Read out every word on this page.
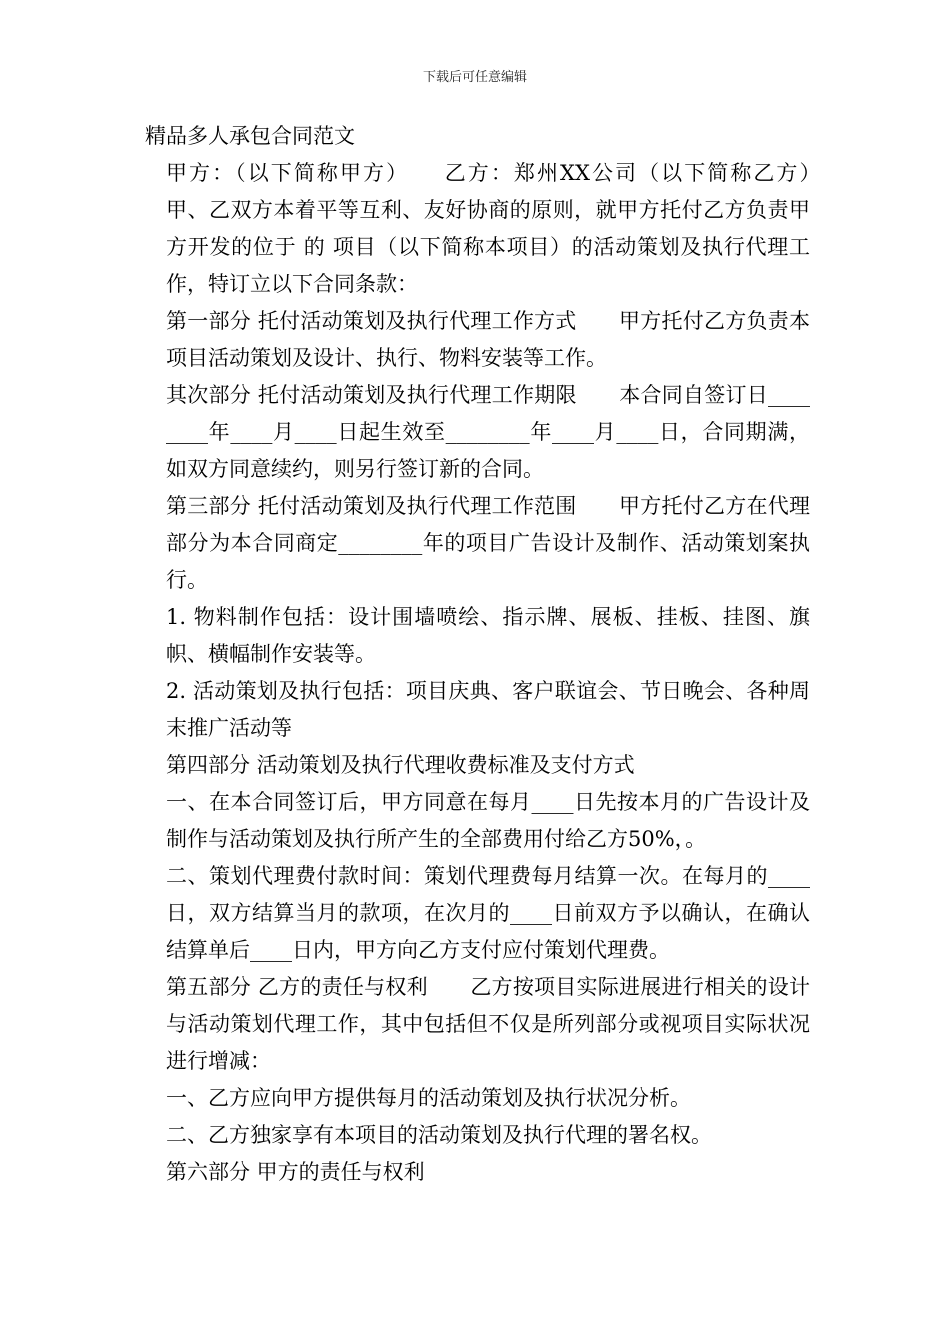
下载后可任意编辑
精品多人承包合同范文

甲方：（以下简称甲方）　　乙方：郑州XX公司（以下简称乙方）　　甲、乙双方本着平等互利、友好协商的原则，就甲方托付乙方负责甲方开发的位于 的 项目（以下简称本项目）的活动策划及执行代理工作，特订立以下合同条款：

第一部分 托付活动策划及执行代理工作方式　　甲方托付乙方负责本项目活动策划及设计、执行、物料安装等工作。

其次部分 托付活动策划及执行代理工作期限　　本合同自签订日________年____月____日起生效至________年____月____日，合同期满，如双方同意续约，则另行签订新的合同。

第三部分 托付活动策划及执行代理工作范围　　甲方托付乙方在代理部分为本合同商定________年的项目广告设计及制作、活动策划案执行。

1. 物料制作包括：设计围墙喷绘、指示牌、展板、挂板、挂图、旗帜、横幅制作安装等。

2. 活动策划及执行包括：项目庆典、客户联谊会、节日晚会、各种周末推广活动等

第四部分 活动策划及执行代理收费标准及支付方式

一、在本合同签订后，甲方同意在每月____日先按本月的广告设计及制作与活动策划及执行所产生的全部费用付给乙方50%，。

二、策划代理费付款时间：策划代理费每月结算一次。在每月的____日，双方结算当月的款项，在次月的____日前双方予以确认，在确认结算单后____日内，甲方向乙方支付应付策划代理费。

第五部分 乙方的责任与权利　　乙方按项目实际进展进行相关的设计与活动策划代理工作，其中包括但不仅是所列部分或视项目实际状况进行增减：

一、乙方应向甲方提供每月的活动策划及执行状况分析。

二、乙方独家享有本项目的活动策划及执行代理的署名权。

第六部分 甲方的责任与权利
